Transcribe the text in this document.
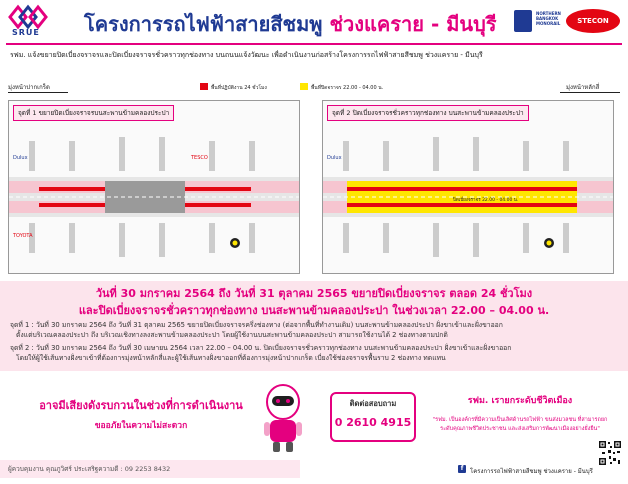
SRUE โครงการรถไฟฟ้าสายสีชมพู ช่วงแคราย - มีนบุรี	NORTHERN
BANGKOK
MONORAIL	STECON
รฟม. แจ้งขยายปิดเบี่ยงจราจรและปิดเบี่ยงจราจรชั่วคราวทุกช่องทาง บนถนนแจ้งวัฒนะ เพื่อดำเนินงานก่อสร้างโครงการรถไฟฟ้าสายสีชมพู ช่วงแคราย - มีนบุรี
พื้นที่ปฏิบัติงาน 24 ชั่วโมง	พื้นที่ปิดจราจร 22.00 - 04.00 น.
มุ่งหน้าปากเกร็ด	มุ่งหน้าหลักสี่
Dulux
TOYOTA
TESCO
จุดที่ 1 ขยายปิดเบี่ยงจราจรบนสะพานข้ามคลองประปา
Dulux
ปิดเบี่ยงจราจร 22.00 - 04.00 น.
จุดที่ 2 ปิดเบี่ยงจราจรชั่วคราวทุกช่องทาง บนสะพานข้ามคลองประปา
วันที่ 30 มกราคม 2564 ถึง วันที่ 31 ตุลาคม 2565 ขยายปิดเบี่ยงจราจร ตลอด 24 ชั่วโมง
และปิดเบี่ยงจราจรชั่วคราวทุกช่องทาง บนสะพานข้ามคลองประปา ในช่วงเวลา 22.00 – 04.00 น.
จุดที่ 1 : วันที่ 30 มกราคม 2564 ถึง วันที่ 31 ตุลาคม 2565 ขยายปิดเบี่ยงจราจรครึ่งช่องทาง (ต่อจากพื้นที่ทำงานเดิม) บนสะพานข้ามคลองประปา ฝั่งขาเข้าและฝั่งขาออก
ตั้งแต่บริเวณคลองประปา ถึง บริเวณเชิงทางลงสะพานข้ามคลองประปา โดยผู้ใช้งานบนสะพานข้ามคลองประปา สามารถใช้งานได้ 2 ช่องทางตามปกติ
จุดที่ 2 : วันที่ 30 มกราคม 2564 ถึง วันที่ 30 เมษายน 2564 เวลา 22.00 – 04.00 น. ปิดเบี่ยงจราจรชั่วคราวทุกช่องทาง บนสะพานข้ามคลองประปา ฝั่งขาเข้าและฝั่งขาออก
โดยให้ผู้ใช้เส้นทางฝั่งขาเข้าที่ต้องการมุ่งหน้าหลักสี่และผู้ใช้เส้นทางฝั่งขาออกที่ต้องการมุ่งหน้าปากเกร็ด เบี่ยงใช้ช่องจราจรพื้นราบ 2 ช่องทาง ทดแทน
อาจมีเสียงดังรบกวนในช่วงที่การดำเนินงาน
ขออภัยในความไม่สะดวก
ติดต่อสอบถาม
0 2610 4915
รฟม. เรายกระดับชีวิตเมือง
"รฟม. เป็นองค์กรที่มีความเป็นเลิศด้านรถไฟฟ้า ขนส่งมวลชน ที่สามารถยกระดับคุณภาพชีวิตประชาชน และส่งเสริมการพัฒนาเมืองอย่างยั่งยืน"
f	โครงการรถไฟฟ้าสายสีชมพู ช่วงแคราย - มีนบุรี
ผู้ควบคุมงาน คุณภูวิศร์ ประเสริฐความดี : 09 2253 8432
